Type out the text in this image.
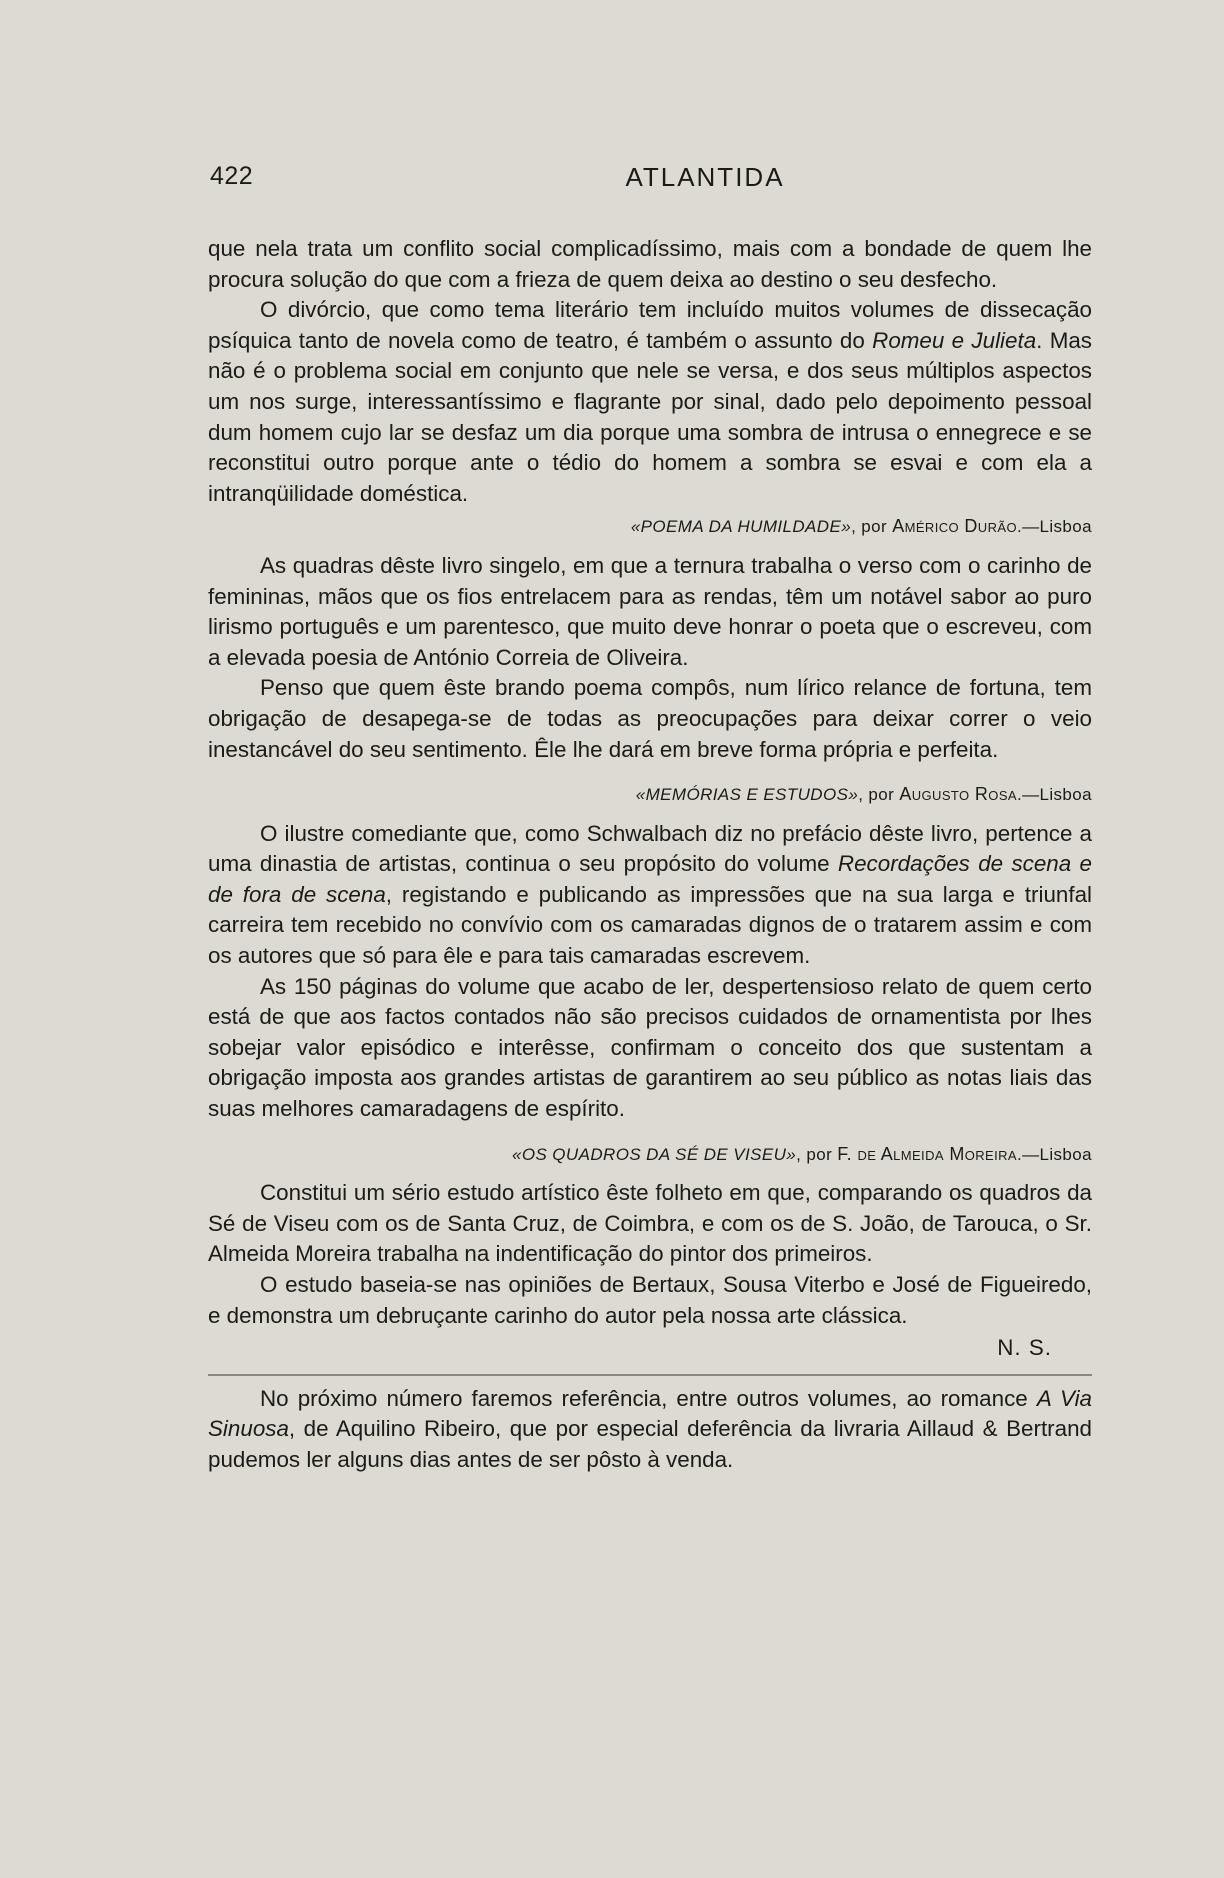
422	ATLANTIDA

que nela trata um conflito social complicadíssimo, mais com a bondade de quem lhe procura solução do que com a frieza de quem deixa ao destino o seu desfecho.

O divórcio, que como tema literário tem incluído muitos volumes de dissecação psíquica tanto de novela como de teatro, é também o assunto do Romeu e Julieta. Mas não é o problema social em conjunto que nele se versa, e dos seus múltiplos aspectos um nos surge, interessantíssimo e flagrante por sinal, dado pelo depoimento pessoal dum homem cujo lar se desfaz um dia porque uma sombra de intrusa o ennegrece e se reconstitui outro porque ante o tédio do homem a sombra se esvai e com ela a intranqüilidade doméstica.

«POEMA DA HUMILDADE», por Américo Durão.—Lisboa

As quadras dêste livro singelo, em que a ternura trabalha o verso com o carinho de femininas, mãos que os fios entrelacem para as rendas, têm um notável sabor ao puro lirismo português e um parentesco, que muito deve honrar o poeta que o escreveu, com a elevada poesia de António Correia de Oliveira.

Penso que quem êste brando poema compôs, num lírico relance de fortuna, tem obrigação de desapega-se de todas as preocupações para deixar correr o veio inestancável do seu sentimento. Êle lhe dará em breve forma própria e perfeita.

«MEMÓRIAS E ESTUDOS», por Augusto Rosa.—Lisboa

O ilustre comediante que, como Schwalbach diz no prefácio dêste livro, pertence a uma dinastia de artistas, continua o seu propósito do volume Recordações de scena e de fora de scena, registando e publicando as impressões que na sua larga e triunfal carreira tem recebido no convívio com os camaradas dignos de o tratarem assim e com os autores que só para êle e para tais camaradas escrevem.

As 150 páginas do volume que acabo de ler, despertensioso relato de quem certo está de que aos factos contados não são precisos cuidados de ornamentista por lhes sobejar valor episódico e interêsse, confirmam o conceito dos que sustentam a obrigação imposta aos grandes artistas de garantirem ao seu público as notas liais das suas melhores camaradagens de espírito.

«OS QUADROS DA SÉ DE VISEU», por F. de Almeida Moreira.—Lisboa

Constitui um sério estudo artístico êste folheto em que, comparando os quadros da Sé de Viseu com os de Santa Cruz, de Coimbra, e com os de S. João, de Tarouca, o Sr. Almeida Moreira trabalha na indentificação do pintor dos primeiros.

O estudo baseia-se nas opiniões de Bertaux, Sousa Viterbo e José de Figueiredo, e demonstra um debruçante carinho do autor pela nossa arte clássica.

N. S.

No próximo número faremos referência, entre outros volumes, ao romance A Via Sinuosa, de Aquilino Ribeiro, que por especial deferência da livraria Aillaud & Bertrand pudemos ler alguns dias antes de ser pôsto à venda.
